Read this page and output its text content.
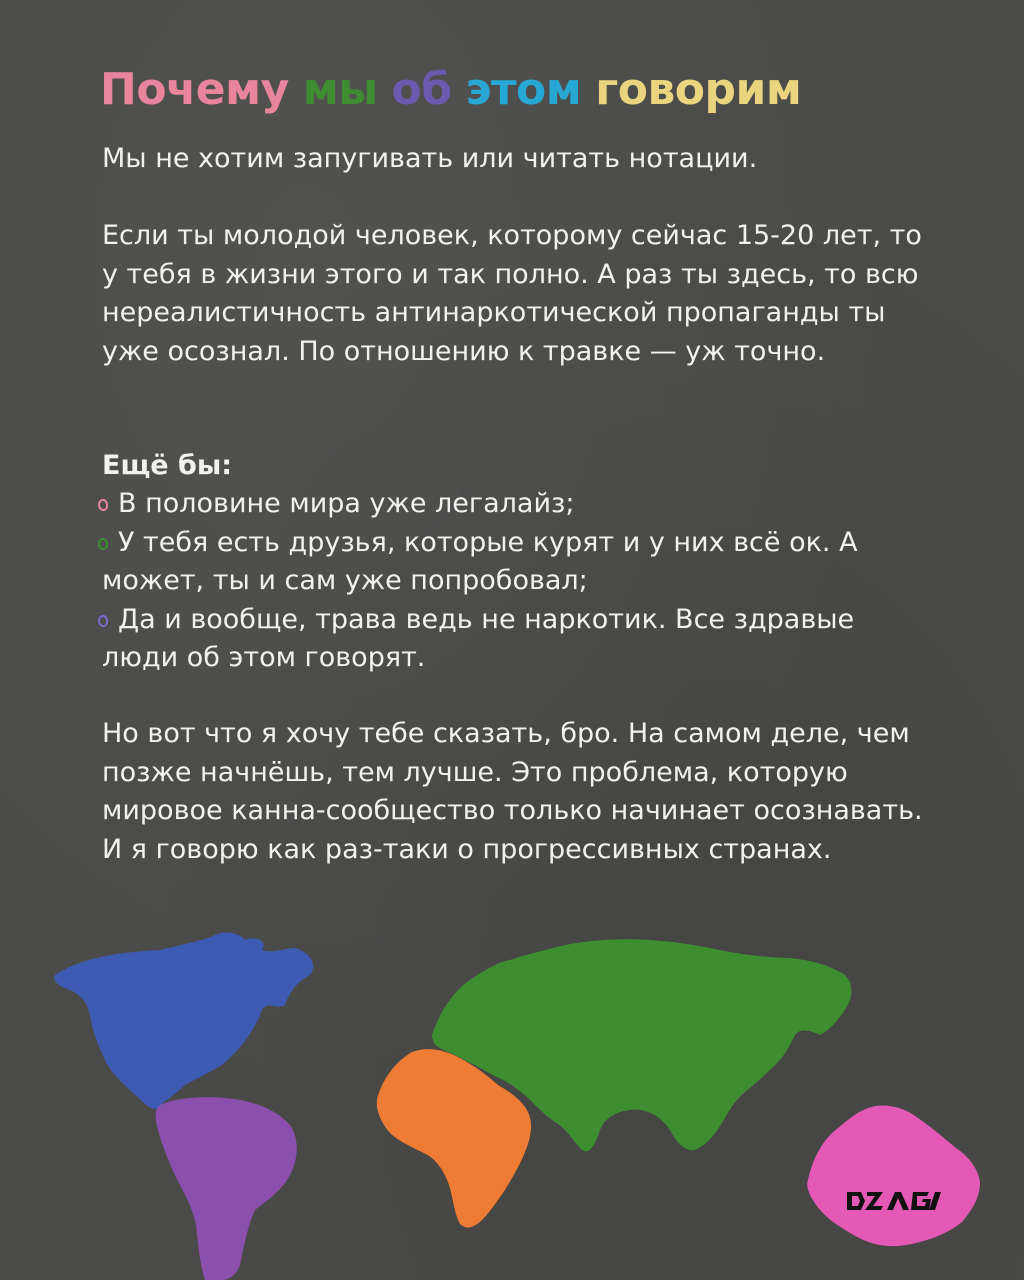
Почему мы об этом говорим

Мы не хотим запугивать или читать нотации.

Если ты молодой человек, которому сейчас 15-20 лет, то у тебя в жизни этого и так полно. А раз ты здесь, то всю нереалистичность антинаркотической пропаганды ты уже осознал. По отношению к травке — уж точно.

Ещё бы:

В половине мира уже легалайз;
У тебя есть друзья, которые курят и у них всё ок. А может, ты и сам уже попробовал;
Да и вообще, трава ведь не наркотик. Все здравые люди об этом говорят.

Но вот что я хочу тебе сказать, бро. На самом деле, чем позже начнёшь, тем лучше. Это проблема, которую мировое канна-сообщество только начинает осознавать. И я говорю как раз-таки о прогрессивных странах.
